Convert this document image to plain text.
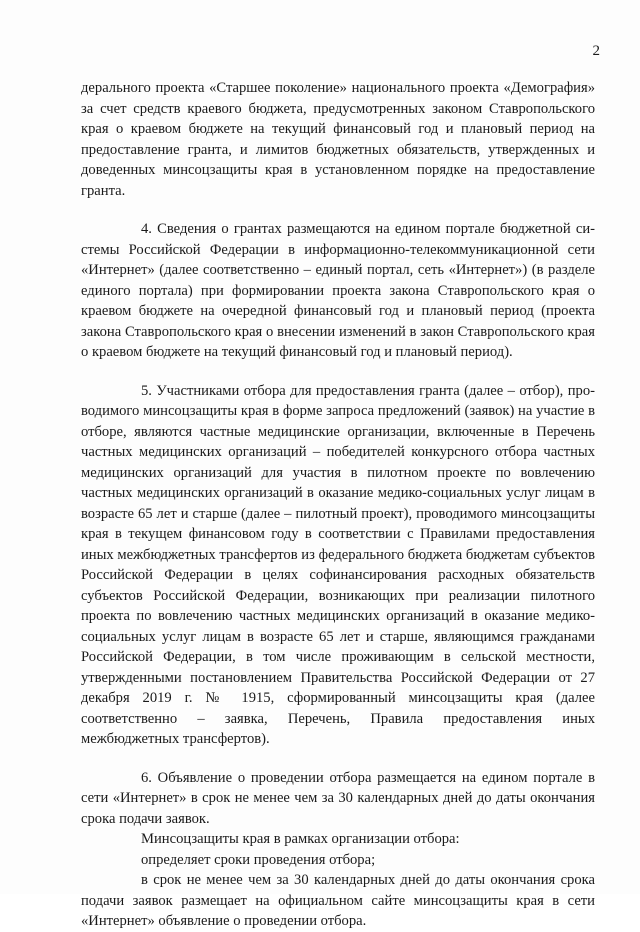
2

дерального проекта «Старшее поколение» национального проекта «Демография» за счет средств краевого бюджета, предусмотренных законом Ставропольского края о краевом бюджете на текущий финансовый год и плановый период на предоставление гранта, и лимитов бюджетных обязательств, утвержденных и доведенных минсоцзащиты края в установленном порядке на предоставление гранта.

4. Сведения о грантах размещаются на едином портале бюджетной системы Российской Федерации в информационно-телекоммуникационной сети «Интернет» (далее соответственно – единый портал, сеть «Интернет») (в разделе единого портала) при формировании проекта закона Ставропольского края о краевом бюджете на очередной финансовый год и плановый период (проекта закона Ставропольского края о внесении изменений в закон Ставропольского края о краевом бюджете на текущий финансовый год и плановый период).

5. Участниками отбора для предоставления гранта (далее – отбор), проводимого минсоцзащиты края в форме запроса предложений (заявок) на участие в отборе, являются частные медицинские организации, включенные в Перечень частных медицинских организаций – победителей конкурсного отбора частных медицинских организаций для участия в пилотном проекте по вовлечению частных медицинских организаций в оказание медико-социальных услуг лицам в возрасте 65 лет и старше (далее – пилотный проект), проводимого минсоцзащиты края в текущем финансовом году в соответствии с Правилами предоставления иных межбюджетных трансфертов из федерального бюджета бюджетам субъектов Российской Федерации в целях софинансирования расходных обязательств субъектов Российской Федерации, возникающих при реализации пилотного проекта по вовлечению частных медицинских организаций в оказание медико-социальных услуг лицам в возрасте 65 лет и старше, являющимся гражданами Российской Федерации, в том числе проживающим в сельской местности, утвержденными постановлением Правительства Российской Федерации от 27 декабря 2019 г. № 1915, сформированный минсоцзащиты края (далее соответственно – заявка, Перечень, Правила предоставления иных межбюджетных трансфертов).

6. Объявление о проведении отбора размещается на едином портале в сети «Интернет» в срок не менее чем за 30 календарных дней до даты окончания срока подачи заявок.

Минсоцзащиты края в рамках организации отбора:

определяет сроки проведения отбора;

в срок не менее чем за 30 календарных дней до даты окончания срока подачи заявок размещает на официальном сайте минсоцзащиты края в сети «Интернет» объявление о проведении отбора.
